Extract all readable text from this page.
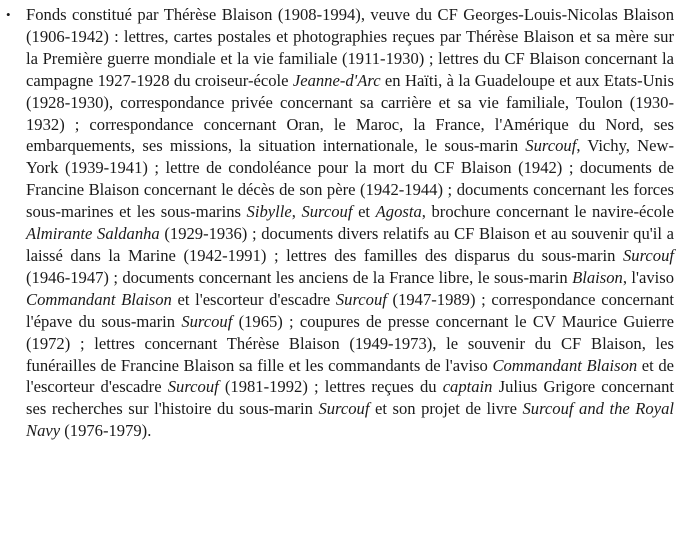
• Fonds constitué par Thérèse Blaison (1908-1994), veuve du CF Georges-Louis-Nicolas Blaison (1906-1942) : lettres, cartes postales et photographies reçues par Thérèse Blaison et sa mère sur la Première guerre mondiale et la vie familiale (1911-1930) ; lettres du CF Blaison concernant la campagne 1927-1928 du croiseur-école Jeanne-d'Arc en Haïti, à la Guadeloupe et aux Etats-Unis (1928-1930), correspondance privée concernant sa carrière et sa vie familiale, Toulon (1930-1932) ; correspondance concernant Oran, le Maroc, la France, l'Amérique du Nord, ses embarquements, ses missions, la situation internationale, le sous-marin Surcouf, Vichy, New-York (1939-1941) ; lettre de condoléance pour la mort du CF Blaison (1942) ; documents de Francine Blaison concernant le décès de son père (1942-1944) ; documents concernant les forces sous-marines et les sous-marins Sibylle, Surcouf et Agosta, brochure concernant le navire-école Almirante Saldanha (1929-1936) ; documents divers relatifs au CF Blaison et au souvenir qu'il a laissé dans la Marine (1942-1991) ; lettres des familles des disparus du sous-marin Surcouf (1946-1947) ; documents concernant les anciens de la France libre, le sous-marin Blaison, l'aviso Commandant Blaison et l'escorteur d'escadre Surcouf (1947-1989) ; correspondance concernant l'épave du sous-marin Surcouf (1965) ; coupures de presse concernant le CV Maurice Guierre (1972) ; lettres concernant Thérèse Blaison (1949-1973), le souvenir du CF Blaison, les funérailles de Francine Blaison sa fille et les commandants de l'aviso Commandant Blaison et de l'escorteur d'escadre Surcouf (1981-1992) ; lettres reçues du captain Julius Grigore concernant ses recherches sur l'histoire du sous-marin Surcouf et son projet de livre Surcouf and the Royal Navy (1976-1979).
